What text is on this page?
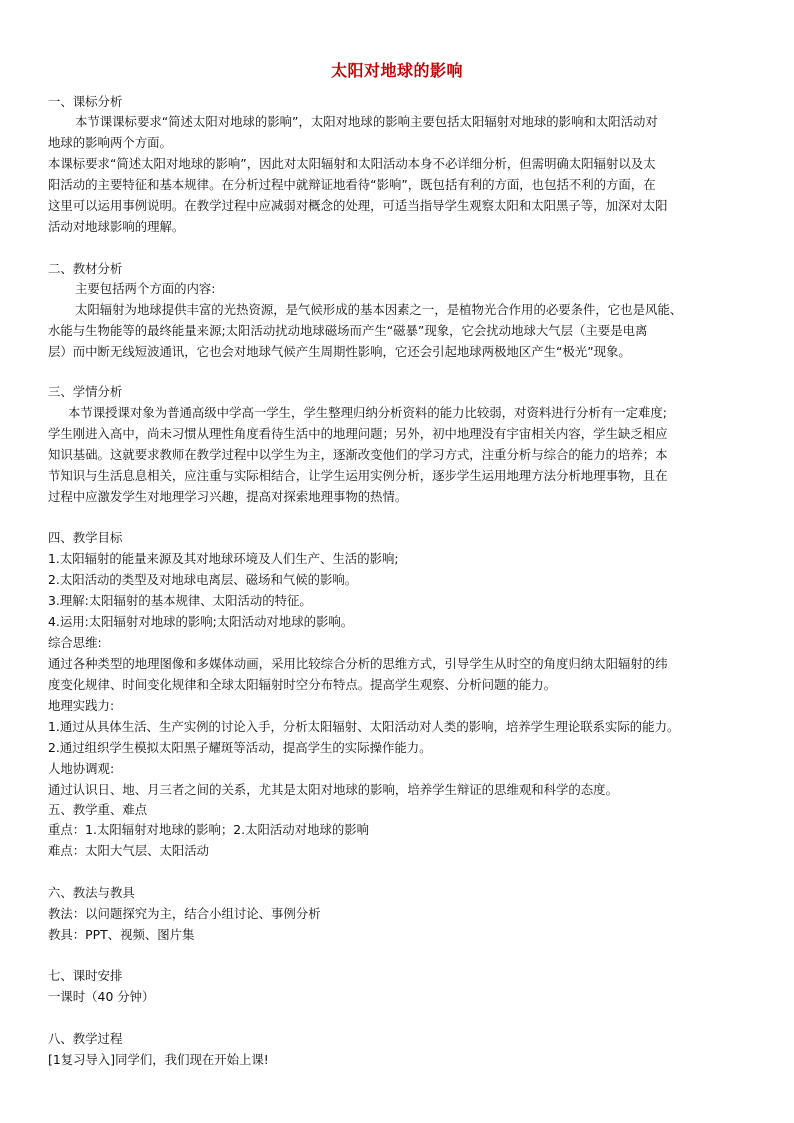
太阳对地球的影响
一、课标分析
本节课课标要求“简述太阳对地球的影响”，太阳对地球的影响主要包括太阳辐射对地球的影响和太阳活动对
地球的影响两个方面。
本课标要求“简述太阳对地球的影响”，因此对太阳辐射和太阳活动本身不必详细分析，但需明确太阳辐射以及太
阳活动的主要特征和基本规律。在分析过程中就辩证地看待“影响”，既包括有利的方面，也包括不利的方面，在
这里可以运用事例说明。在教学过程中应减弱对概念的处理，可适当指导学生观察太阳和太阳黑子等，加深对太阳
活动对地球影响的理解。
二、教材分析
主要包括两个方面的内容:
太阳辐射为地球提供丰富的光热资源，是气候形成的基本因素之一，是植物光合作用的必要条件，它也是风能、
水能与生物能等的最终能量来源;太阳活动扰动地球磁场而产生“磁暴”现象，它会扰动地球大气层（主要是电离
层）而中断无线短波通讯，它也会对地球气候产生周期性影响，它还会引起地球两极地区产生“极光”现象。
三、学情分析
本节课授课对象为普通高级中学高一学生，学生整理归纳分析资料的能力比较弱，对资料进行分析有一定难度;
学生刚进入高中，尚未习惯从理性角度看待生活中的地理问题；另外，初中地理没有宇宙相关内容，学生缺乏相应
知识基础。这就要求教师在教学过程中以学生为主，逐渐改变他们的学习方式，注重分析与综合的能力的培养；本
节知识与生活息息相关，应注重与实际相结合，让学生运用实例分析，逐步学生运用地理方法分析地理事物，且在
过程中应激发学生对地理学习兴趣，提高对探索地理事物的热情。
四、教学目标
1.太阳辐射的能量来源及其对地球环境及人们生产、生活的影响;
2.太阳活动的类型及对地球电离层、磁场和气候的影响。
3.理解:太阳辐射的基本规律、太阳活动的特征。
4.运用:太阳辐射对地球的影响;太阳活动对地球的影响。
综合思维:
通过各种类型的地理图像和多媒体动画，采用比较综合分析的思维方式，引导学生从时空的角度归纳太阳辐射的纬
度变化规律、时间变化规律和全球太阳辐射时空分布特点。提高学生观察、分析问题的能力。
地理实践力:
1.通过从具体生活、生产实例的讨论入手，分析太阳辐射、太阳活动对人类的影响，培养学生理论联系实际的能力。
2.通过组织学生模拟太阳黑子耀斑等活动，提高学生的实际操作能力。
人地协调观:
通过认识日、地、月三者之间的关系，尤其是太阳对地球的影响，培养学生辩证的思维观和科学的态度。
五、教学重、难点
重点：1.太阳辐射对地球的影响；2.太阳活动对地球的影响
难点：太阳大气层、太阳活动
六、教法与教具
教法：以问题探究为主，结合小组讨论、事例分析
教具：PPT、视频、图片集
七、课时安排
一课时（40 分钟）
八、教学过程
[1复习导入]同学们，我们现在开始上课!
